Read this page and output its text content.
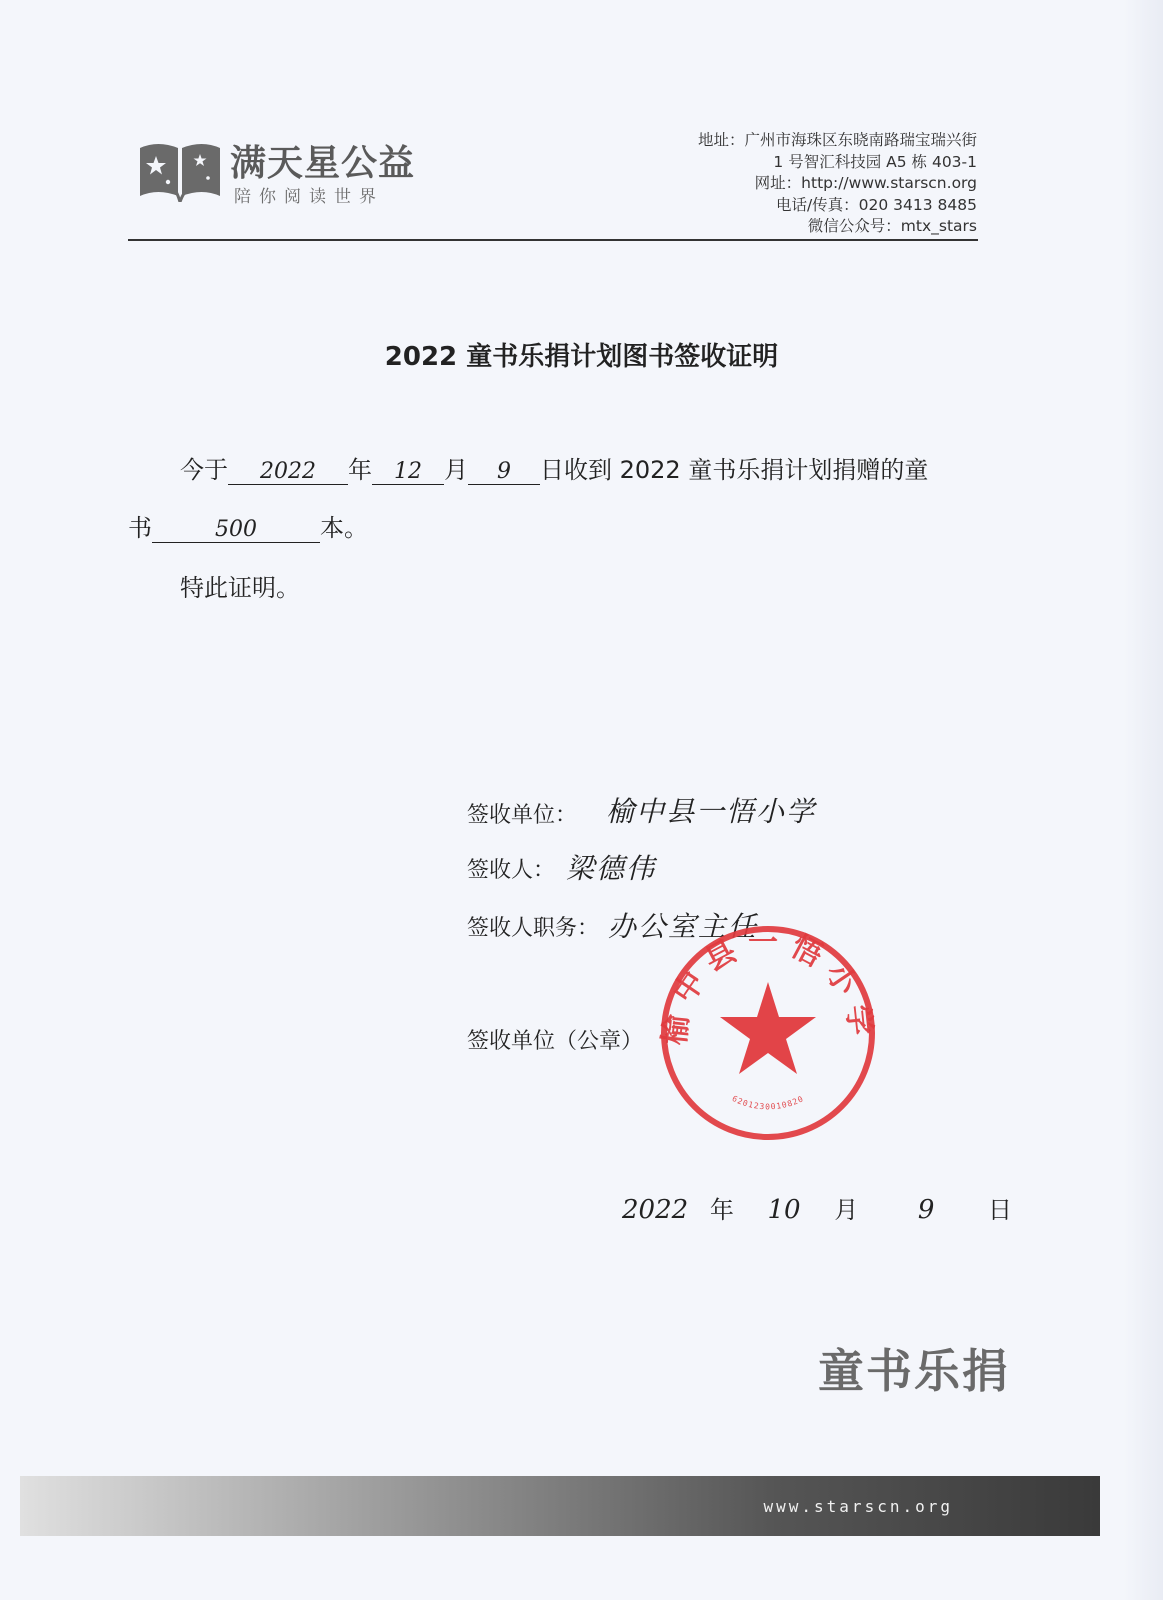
满天星公益
陪你阅读世界
地址：广州市海珠区东晓南路瑞宝瑞兴街
1 号智汇科技园 A5 栋 403-1
网址：http://www.starscn.org
电话/传真：020 3413 8485
微信公众号：mtx_stars
2022 童书乐捐计划图书签收证明
今于 2022 年 12 月 9 日收到 2022 童书乐捐计划捐赠的童
书	500	本。
特此证明。
签收单位： 榆中县一悟小学
签收人： 梁德伟
签收人职务： 办公室主任
签收单位（公章） 榆中县一悟小学
6201230010820
2022 年 10 月 9 日
童书乐捐
www.starscn.org
